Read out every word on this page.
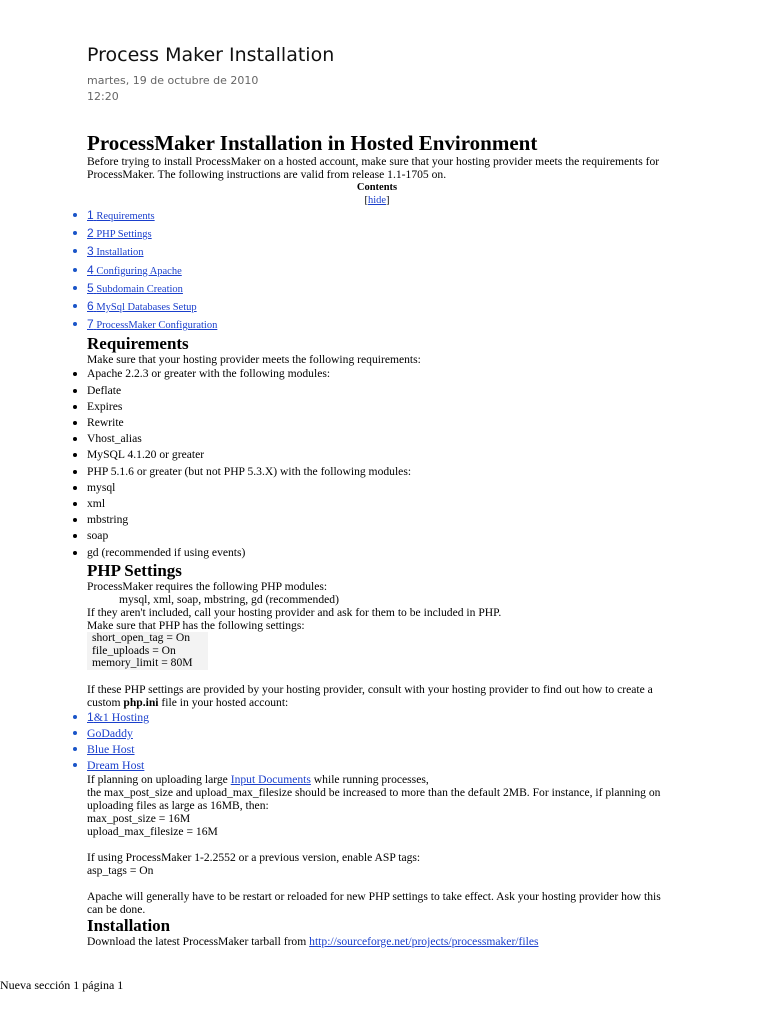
Process Maker Installation
martes, 19 de octubre de 2010
12:20
ProcessMaker Installation in Hosted Environment

Before trying to install ProcessMaker on a hosted account, make sure that your hosting provider meets the requirements for ProcessMaker. The following instructions are valid from release 1.1-1705 on.

Contents
[hide]
1 Requirements
2 PHP Settings
3 Installation
4 Configuring Apache
5 Subdomain Creation
6 MySql Databases Setup
7 ProcessMaker Configuration
Requirements

Make sure that your hosting provider meets the following requirements:

Apache 2.2.3 or greater with the following modules:
Deflate
Expires
Rewrite
Vhost_alias
MySQL 4.1.20 or greater
PHP 5.1.6 or greater (but not PHP 5.3.X) with the following modules:
mysql
xml
mbstring
soap
gd (recommended if using events)
PHP Settings

ProcessMaker requires the following PHP modules:

mysql, xml, soap, mbstring, gd (recommended)

If they aren't included, call your hosting provider and ask for them to be included in PHP.

Make sure that PHP has the following settings:

short_open_tag = On
file_uploads = On
memory_limit = 80M

If these PHP settings are provided by your hosting provider, consult with your hosting provider to find out how to create a custom php.ini file in your hosted account:

1&1 Hosting
GoDaddy
Blue Host
Dream Host

If planning on uploading large Input Documents while running processes,

the max_post_size and upload_max_filesize should be increased to more than the default 2MB. For instance, if planning on uploading files as large as 16MB, then:

max_post_size = 16M

upload_max_filesize = 16M

If using ProcessMaker 1-2.2552 or a previous version, enable ASP tags:

asp_tags = On

Apache will generally have to be restart or reloaded for new PHP settings to take effect. Ask your hosting provider how this can be done.

Installation

Download the latest ProcessMaker tarball from http://sourceforge.net/projects/processmaker/files

Nueva sección 1 página 1
